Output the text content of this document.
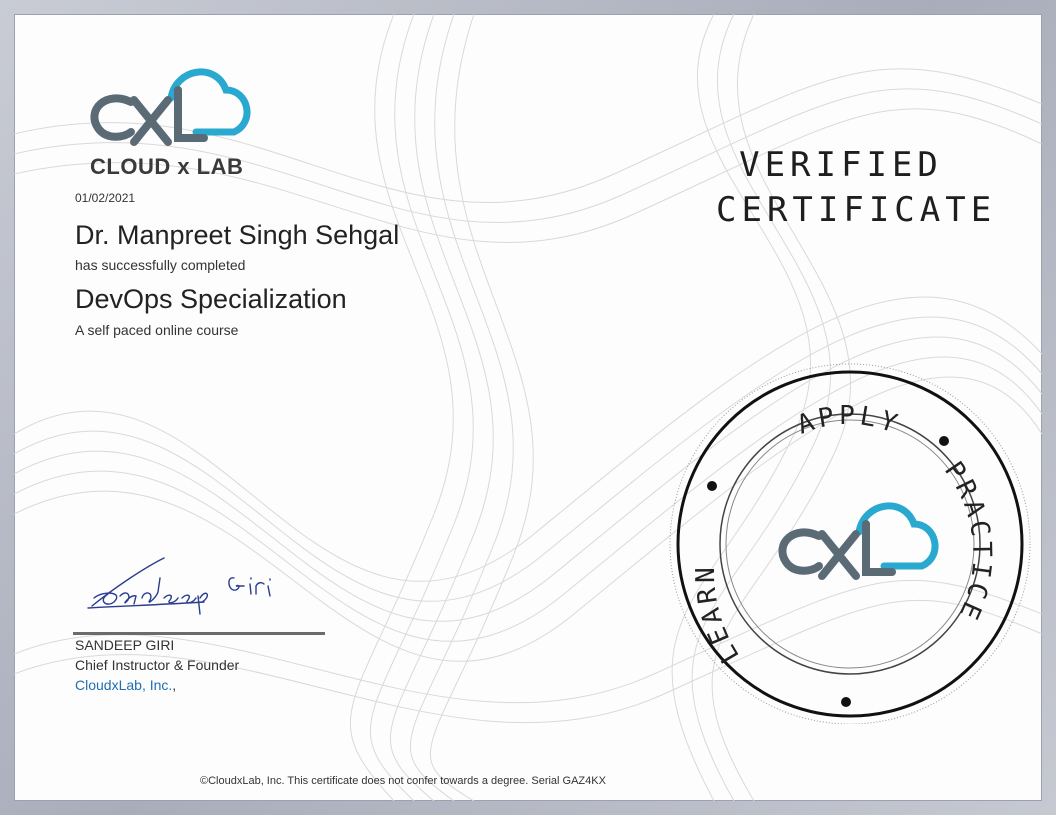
CLOUD x LAB
01/02/2021
Dr. Manpreet Singh Sehgal
has successfully completed
DevOps Specialization
A self paced online course
VERIFIED
CERTIFICATE
SANDEEP GIRI
Chief Instructor & Founder
CloudxLab, Inc.,
APPLY
PRACTICE
LEARN
©CloudxLab, Inc. This certificate does not confer towards a degree. Serial GAZ4KX
